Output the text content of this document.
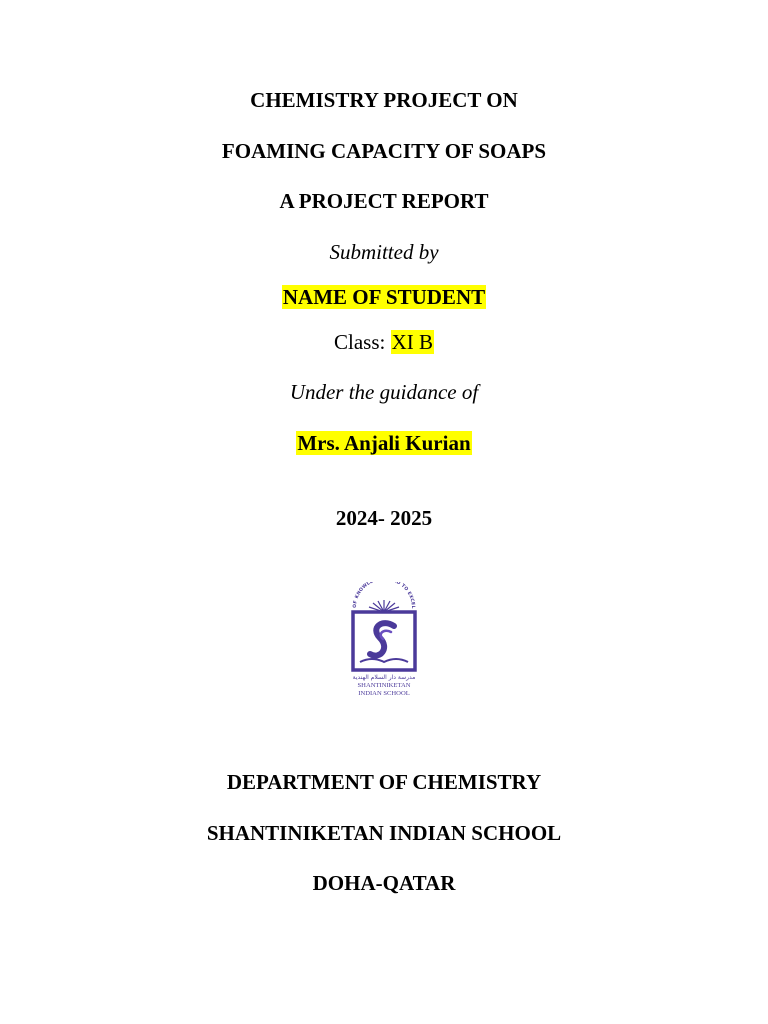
CHEMISTRY PROJECT ON
FOAMING CAPACITY OF SOAPS
A PROJECT REPORT
Submitted by
NAME OF STUDENT
Class: XI B
Under the guidance of
Mrs. Anjali Kurian
2024- 2025
OF KNOWLE D TO EXCEL
مدرسة دار السلام الهندية
SHANTINIKETAN
INDIAN SCHOOL
DEPARTMENT OF CHEMISTRY
SHANTINIKETAN INDIAN SCHOOL
DOHA-QATAR
